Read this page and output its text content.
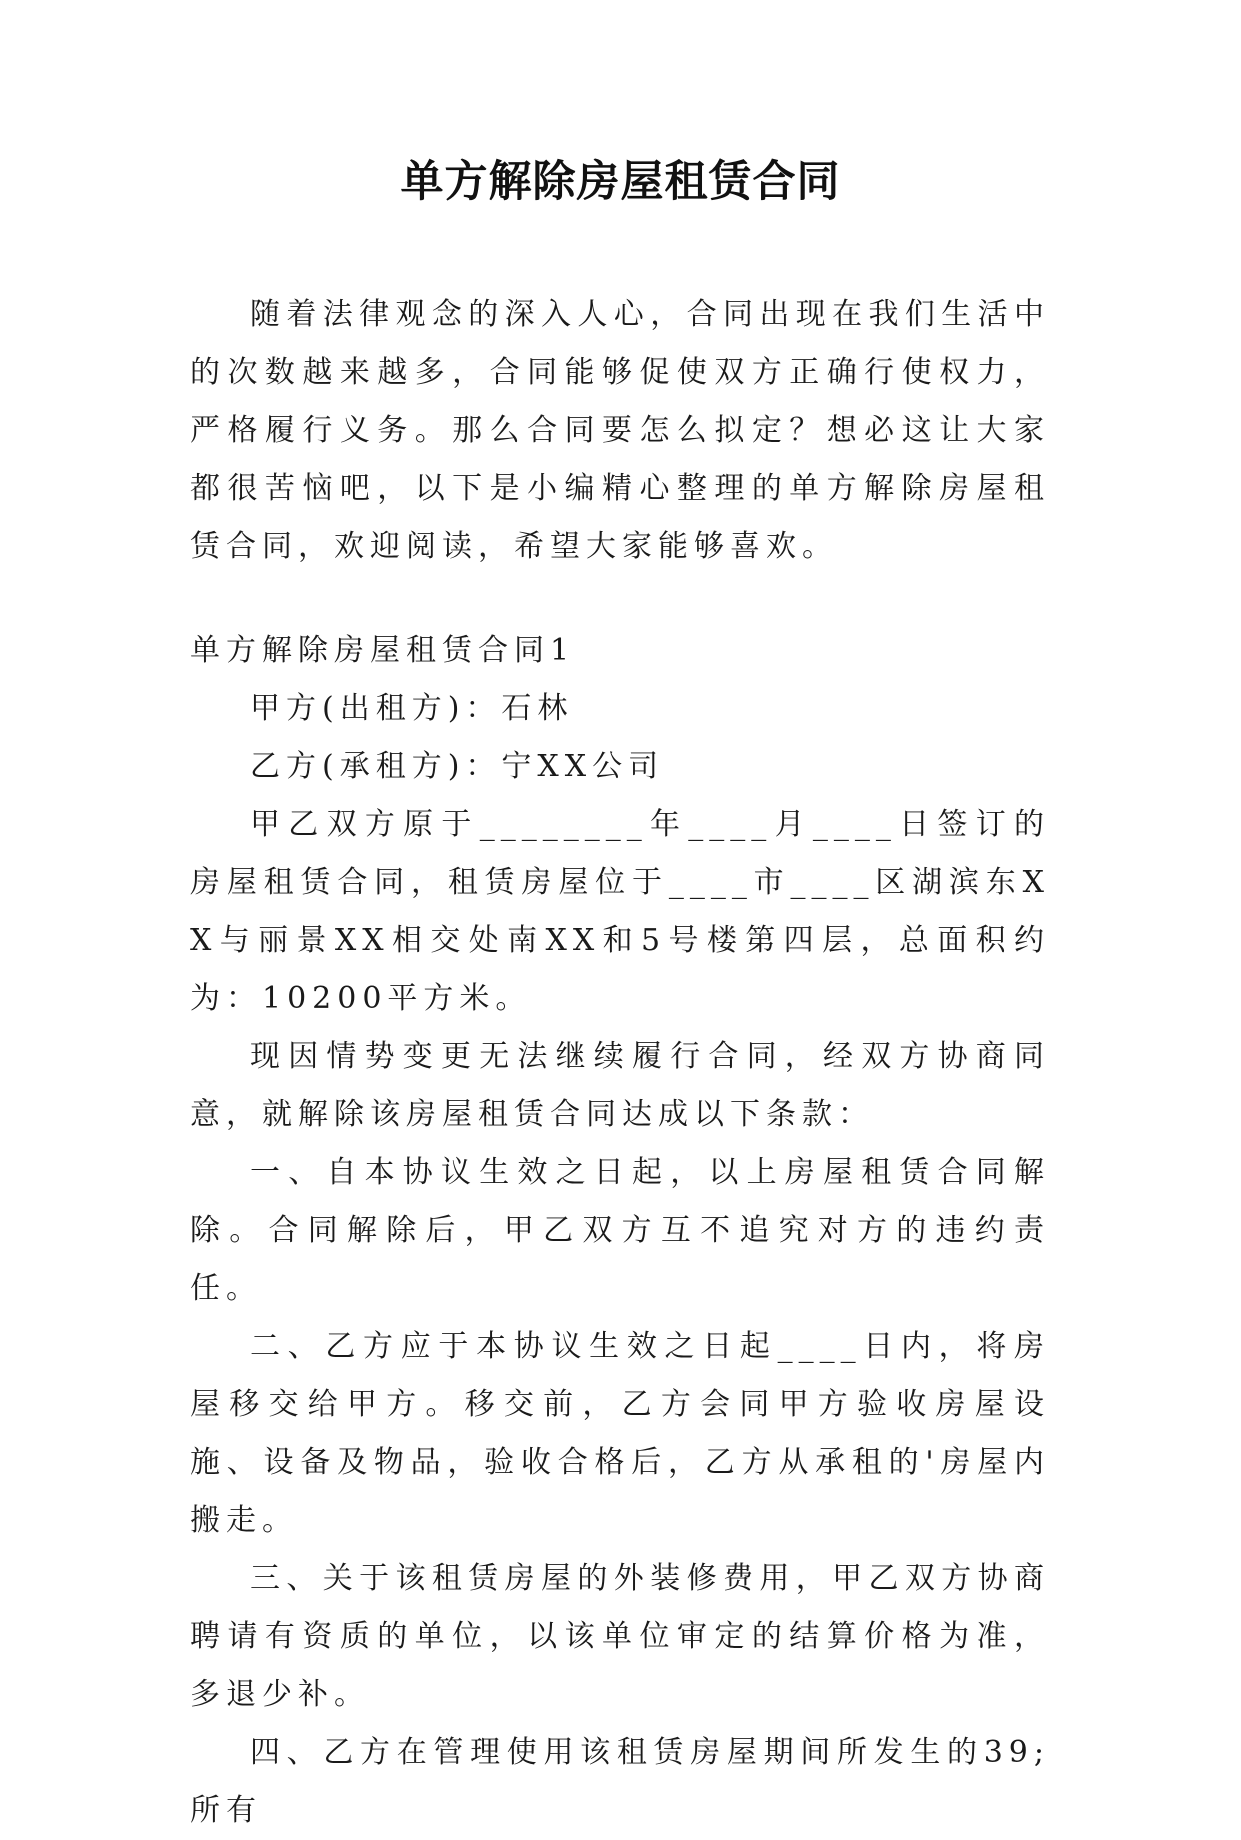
单方解除房屋租赁合同

随着法律观念的深入人心，合同出现在我们生活中的次数越来越多，合同能够促使双方正确行使权力，严格履行义务。那么合同要怎么拟定？想必这让大家都很苦恼吧，以下是小编精心整理的单方解除房屋租赁合同，欢迎阅读，希望大家能够喜欢。

单方解除房屋租赁合同1

甲方(出租方)：石林

乙方(承租方)：宁XX公司

甲乙双方原于________年____月____日签订的房屋租赁合同，租赁房屋位于____市____区湖滨东XX与丽景XX相交处南XX和5号楼第四层，总面积约为：10200平方米。

现因情势变更无法继续履行合同，经双方协商同意，就解除该房屋租赁合同达成以下条款：

一、自本协议生效之日起，以上房屋租赁合同解除。合同解除后，甲乙双方互不追究对方的违约责任。

二、乙方应于本协议生效之日起____日内，将房屋移交给甲方。移交前，乙方会同甲方验收房屋设施、设备及物品，验收合格后，乙方从承租的'房屋内搬走。

三、关于该租赁房屋的外装修费用，甲乙双方协商聘请有资质的单位，以该单位审定的结算价格为准，多退少补。

四、乙方在管理使用该租赁房屋期间所发生的39;所有
